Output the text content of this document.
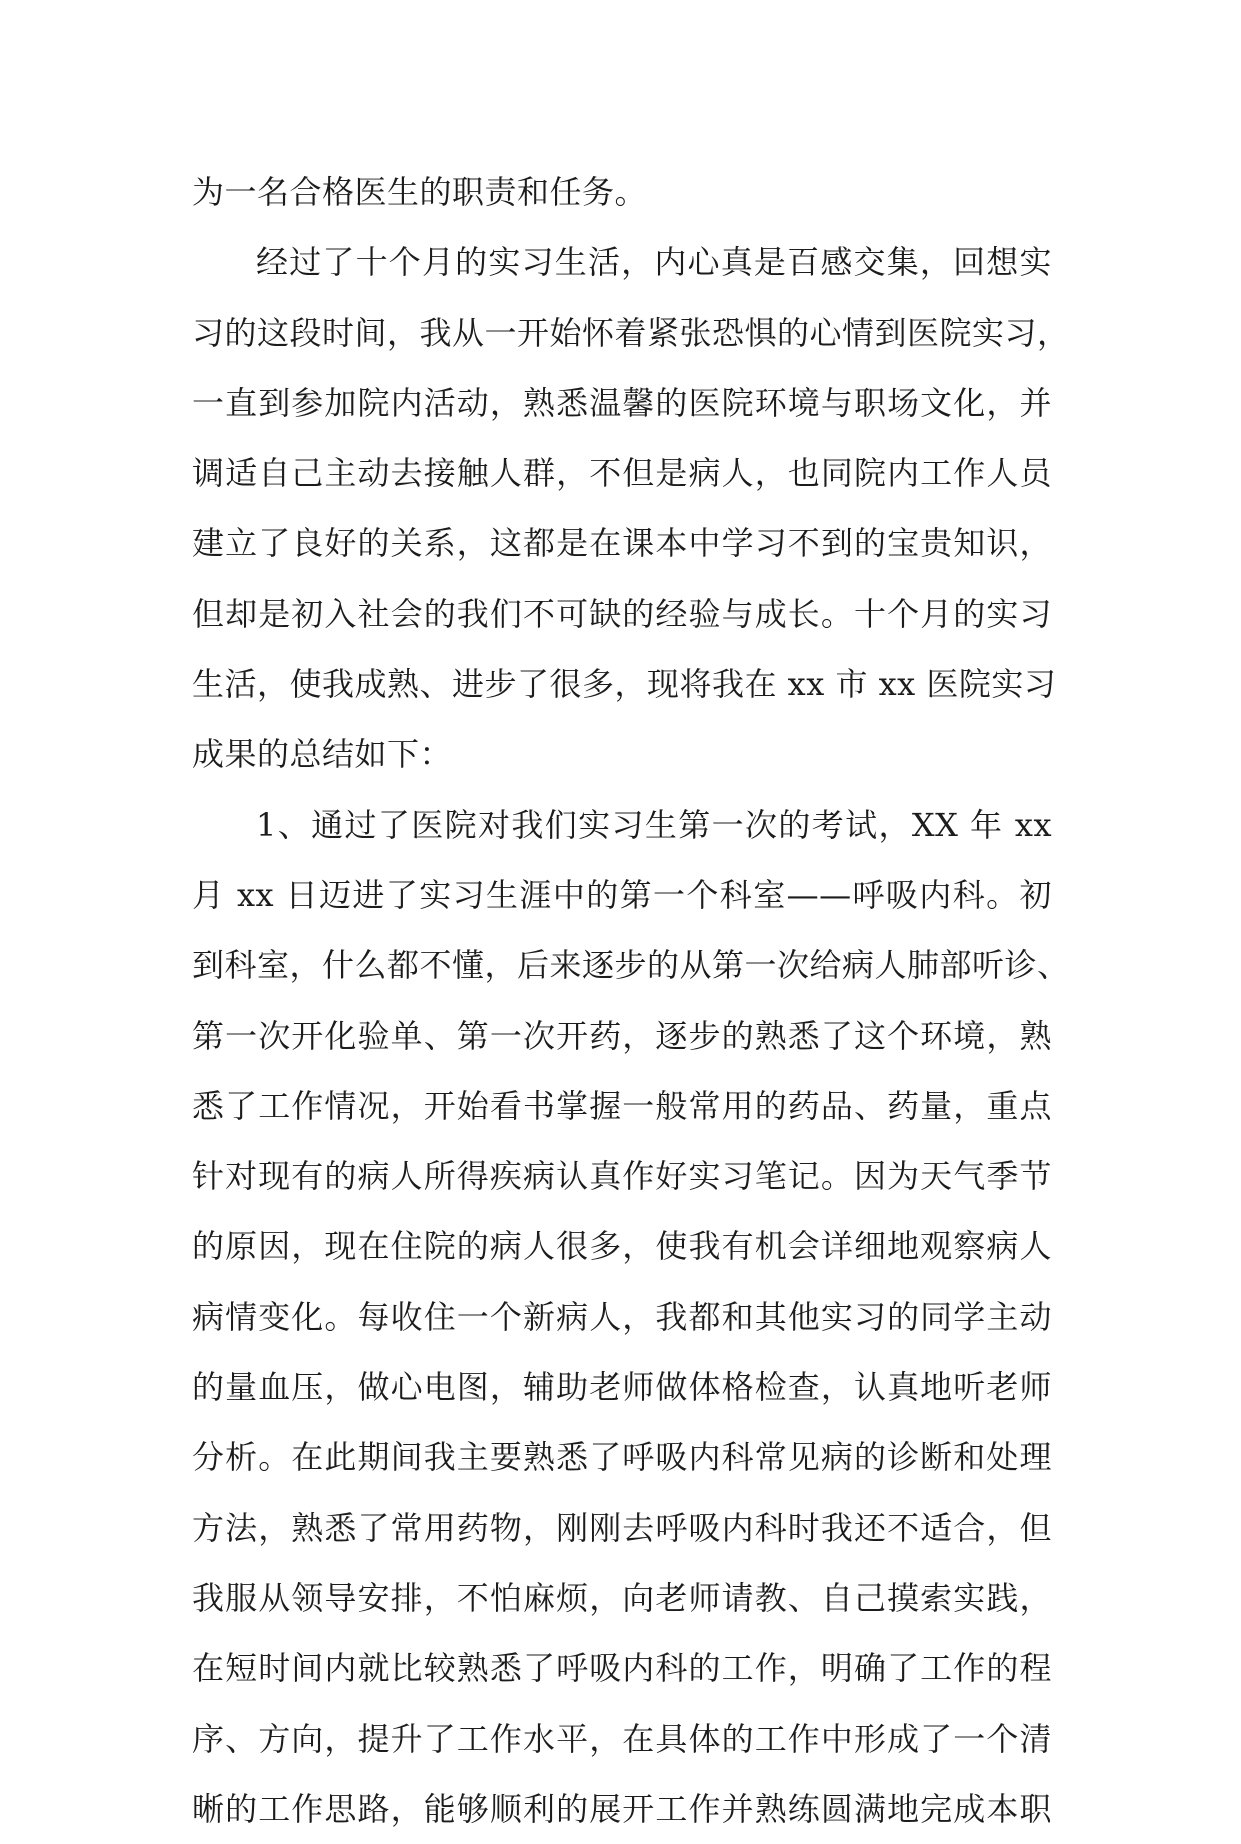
为一名合格医生的职责和任务。
经过了十个月的实习生活，内心真是百感交集，回想实
习的这段时间，我从一开始怀着紧张恐惧的心情到医院实习，
一直到参加院内活动，熟悉温馨的医院环境与职场文化，并
调适自己主动去接触人群，不但是病人，也同院内工作人员
建立了良好的关系，这都是在课本中学习不到的宝贵知识，
但却是初入社会的我们不可缺的经验与成长。十个月的实习
生活，使我成熟、进步了很多，现将我在 xx 市 xx 医院实习
成果的总结如下：
1、通过了医院对我们实习生第一次的考试，XX 年 xx
月 xx 日迈进了实习生涯中的第一个科室——呼吸内科。初
到科室，什么都不懂，后来逐步的从第一次给病人肺部听诊、
第一次开化验单、第一次开药，逐步的熟悉了这个环境，熟
悉了工作情况，开始看书掌握一般常用的药品、药量，重点
针对现有的病人所得疾病认真作好实习笔记。因为天气季节
的原因，现在住院的病人很多，使我有机会详细地观察病人
病情变化。每收住一个新病人，我都和其他实习的同学主动
的量血压，做心电图，辅助老师做体格检查，认真地听老师
分析。在此期间我主要熟悉了呼吸内科常见病的诊断和处理
方法，熟悉了常用药物，刚刚去呼吸内科时我还不适合，但
我服从领导安排，不怕麻烦，向老师请教、自己摸索实践，
在短时间内就比较熟悉了呼吸内科的工作，明确了工作的程
序、方向，提升了工作水平，在具体的工作中形成了一个清
晰的工作思路，能够顺利的展开工作并熟练圆满地完成本职
